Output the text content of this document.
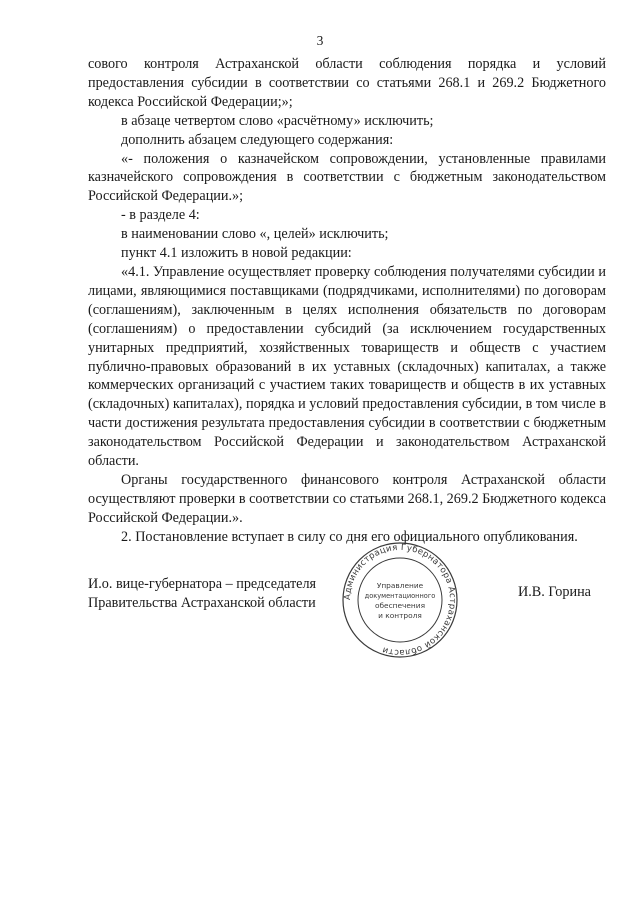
3

сового контроля Астраханской области соблюдения порядка и условий предоставления субсидии в соответствии со статьями 268.1 и 269.2 Бюджетного кодекса Российской Федерации;»;

в абзаце четвертом слово «расчётному» исключить;

дополнить абзацем следующего содержания:

«- положения о казначейском сопровождении, установленные правилами казначейского сопровождения в соответствии с бюджетным законодательством Российской Федерации.»;

- в разделе 4:

в наименовании слово «, целей» исключить;

пункт 4.1 изложить в новой редакции:

«4.1. Управление осуществляет проверку соблюдения получателями субсидии и лицами, являющимися поставщиками (подрядчиками, исполнителями) по договорам (соглашениям), заключенным в целях исполнения обязательств по договорам (соглашениям) о предоставлении субсидий (за исключением государственных унитарных предприятий, хозяйственных товариществ и обществ с участием публично-правовых образований в их уставных (складочных) капиталах, а также коммерческих организаций с участием таких товариществ и обществ в их уставных (складочных) капиталах), порядка и условий предоставления субсидии, в том числе в части достижения результата предоставления субсидии в соответствии с бюджетным законодательством Российской Федерации и законодательством Астраханской области.

Органы государственного финансового контроля Астраханской области осуществляют проверки в соответствии со статьями 268.1, 269.2 Бюджетного кодекса Российской Федерации.».

2. Постановление вступает в силу со дня его официального опубликования.

И.о. вице-губернатора – председателя
Правительства Астраханской области	Администрация Губернатора Астраханской области
Управление
документационного
обеспечения
и контроля
И.В. Горина
